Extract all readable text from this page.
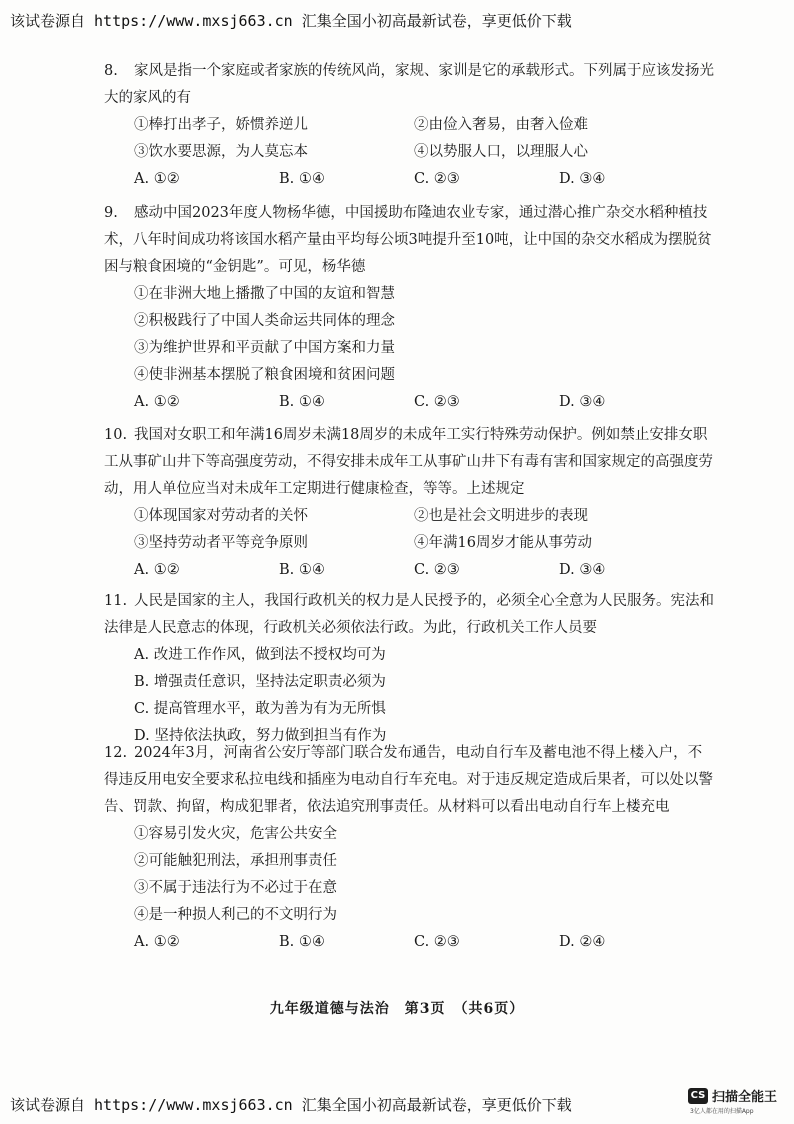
该试卷源自 https://www.mxsj663.cn 汇集全国小初高最新试卷，享更低价下载

8. 家风是指一个家庭或者家族的传统风尚，家规、家训是它的承载形式。下列属于应该发扬光大的家风的有

①棒打出孝子，娇惯养逆儿	②由俭入奢易，由奢入俭难
③饮水要思源，为人莫忘本	④以势服人口，以理服人心
A. ①②	B. ①④	C. ②③	D. ③④

9. 感动中国2023年度人物杨华德，中国援助布隆迪农业专家，通过潜心推广杂交水稻种植技术，八年时间成功将该国水稻产量由平均每公顷3吨提升至10吨，让中国的杂交水稻成为摆脱贫困与粮食困境的“金钥匙”。可见，杨华德

①在非洲大地上播撒了中国的友谊和智慧
②积极践行了中国人类命运共同体的理念
③为维护世界和平贡献了中国方案和力量
④使非洲基本摆脱了粮食困境和贫困问题
A. ①②	B. ①④	C. ②③	D. ③④

10. 我国对女职工和年满16周岁未满18周岁的未成年工实行特殊劳动保护。例如禁止安排女职工从事矿山井下等高强度劳动，不得安排未成年工从事矿山井下有毒有害和国家规定的高强度劳动，用人单位应当对未成年工定期进行健康检查，等等。上述规定

①体现国家对劳动者的关怀	②也是社会文明进步的表现
③坚持劳动者平等竞争原则	④年满16周岁才能从事劳动
A. ①②	B. ①④	C. ②③	D. ③④

11. 人民是国家的主人，我国行政机关的权力是人民授予的，必须全心全意为人民服务。宪法和法律是人民意志的体现，行政机关必须依法行政。为此，行政机关工作人员要

A. 改进工作作风，做到法不授权均可为
B. 增强责任意识，坚持法定职责必须为
C. 提高管理水平，敢为善为有为无所惧
D. 坚持依法执政，努力做到担当有作为

12. 2024年3月，河南省公安厅等部门联合发布通告，电动自行车及蓄电池不得上楼入户，不得违反用电安全要求私拉电线和插座为电动自行车充电。对于违反规定造成后果者，可以处以警告、罚款、拘留，构成犯罪者，依法追究刑事责任。从材料可以看出电动自行车上楼充电

①容易引发火灾，危害公共安全
②可能触犯刑法，承担刑事责任
③不属于违法行为不必过于在意
④是一种损人利己的不文明行为
A. ①②	B. ①④	C. ②③	D. ②④
九年级道德与法治　第3页　（共6页）
该试卷源自 https://www.mxsj663.cn 汇集全国小初高最新试卷，享更低价下载
CS 扫描全能王
3亿人都在用的扫描App
